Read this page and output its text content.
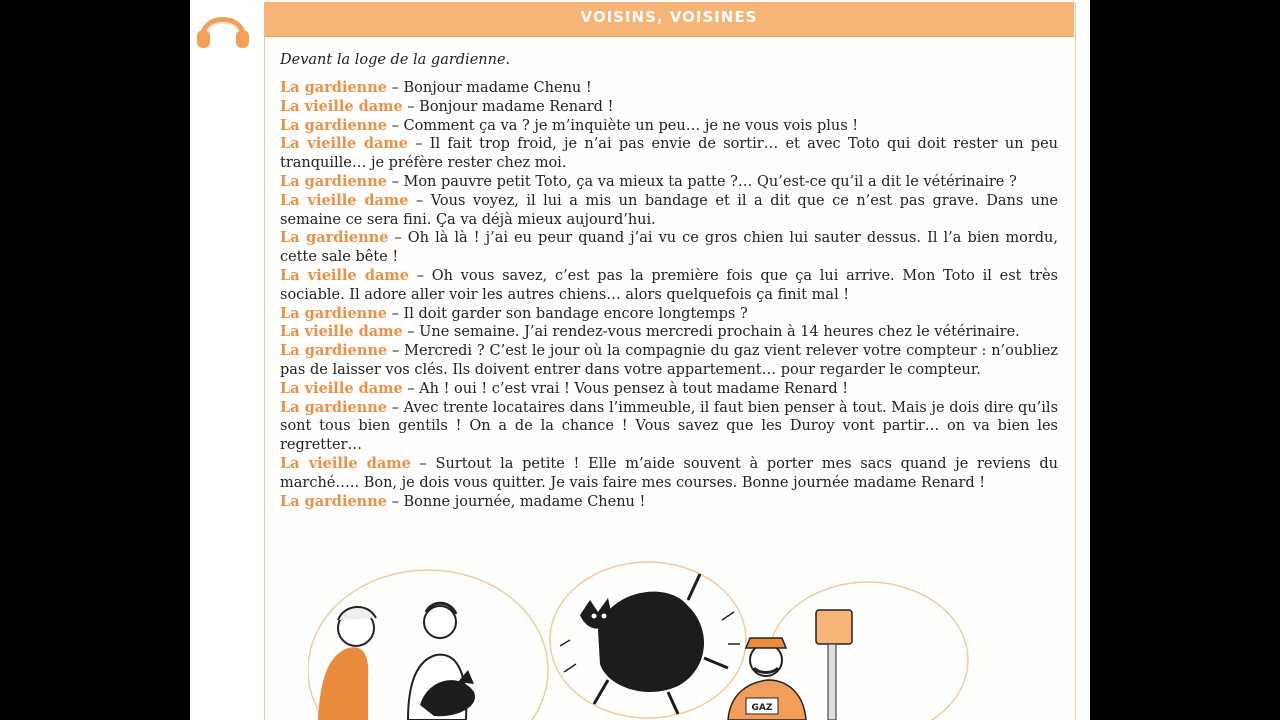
VOISINS, VOISINES
Devant la loge de la gardienne.

La gardienne – Bonjour madame Chenu !

La vieille dame – Bonjour madame Renard !

La gardienne – Comment ça va ? je m’inquiète un peu… je ne vous vois plus !

La vieille dame – Il fait trop froid, je n’ai pas envie de sortir… et avec Toto qui doit rester un peu tranquille… je préfère rester chez moi.

La gardienne – Mon pauvre petit Toto, ça va mieux ta patte ?… Qu’est-ce qu’il a dit le vétérinaire ?

La vieille dame – Vous voyez, il lui a mis un bandage et il a dit que ce n’est pas grave. Dans une semaine ce sera fini. Ça va déjà mieux aujourd’hui.

La gardienne – Oh là là ! j’ai eu peur quand j’ai vu ce gros chien lui sauter dessus. Il l’a bien mordu, cette sale bête !

La vieille dame – Oh vous savez, c’est pas la première fois que ça lui arrive. Mon Toto il est très sociable. Il adore aller voir les autres chiens… alors quelquefois ça finit mal !

La gardienne – Il doit garder son bandage encore longtemps ?

La vieille dame – Une semaine. J’ai rendez-vous mercredi prochain à 14 heures chez le vétérinaire.

La gardienne – Mercredi ? C’est le jour où la compagnie du gaz vient relever votre compteur : n’oubliez pas de laisser vos clés. Ils doivent entrer dans votre appartement… pour regarder le compteur.

La vieille dame – Ah ! oui ! c’est vrai ! Vous pensez à tout madame Renard !

La gardienne – Avec trente locataires dans l’immeuble, il faut bien penser à tout. Mais je dois dire qu’ils sont tous bien gentils ! On a de la chance ! Vous savez que les Duroy vont partir… on va bien les regretter…

La vieille dame – Surtout la petite ! Elle m’aide souvent à porter mes sacs quand je reviens du marché….. Bon, je dois vous quitter. Je vais faire mes courses. Bonne journée madame Renard !

La gardienne – Bonne journée, madame Chenu !

GAZ
